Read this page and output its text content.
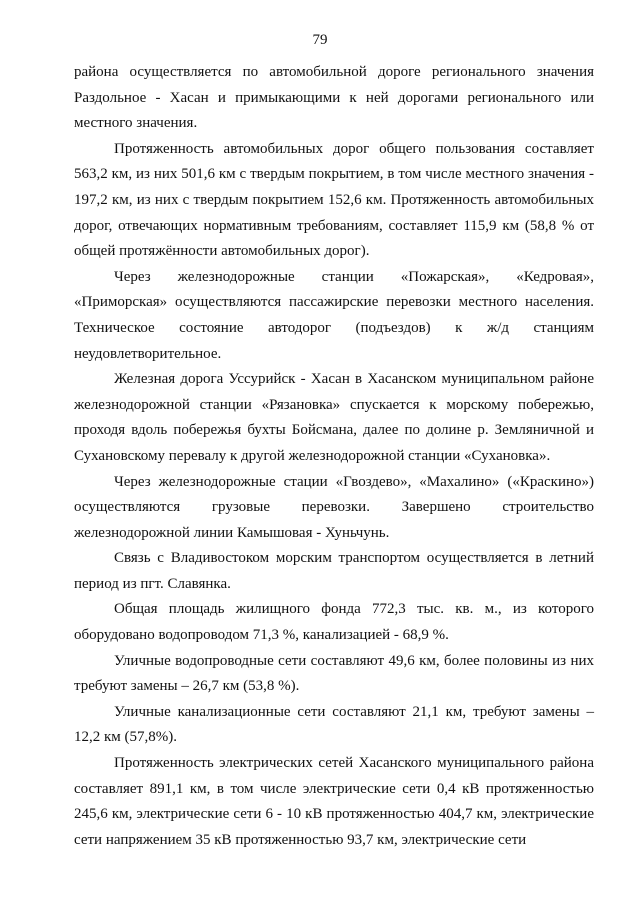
79

района осуществляется по автомобильной дороге регионального значения Раздольное - Хасан и примыкающими к ней дорогами регионального или местного значения.

Протяженность автомобильных дорог общего пользования составляет 563,2 км, из них 501,6 км с твердым покрытием, в том числе местного значения - 197,2 км, из них с твердым покрытием 152,6 км. Протяженность автомобильных дорог, отвечающих нормативным требованиям, составляет 115,9 км (58,8 % от общей протяжённости автомобильных дорог).

Через железнодорожные станции «Пожарская», «Кедровая», «Приморская» осуществляются пассажирские перевозки местного населения. Техническое состояние автодорог (подъездов) к ж/д станциям неудовлетворительное.

Железная дорога Уссурийск - Хасан в Хасанском муниципальном районе железнодорожной станции «Рязановка» спускается к морскому побережью, проходя вдоль побережья бухты Бойсмана, далее по долине р. Земляничной и Сухановскому перевалу к другой железнодорожной станции «Сухановка».

Через железнодорожные стации «Гвоздево», «Махалино» («Краскино») осуществляются грузовые перевозки. Завершено строительство железнодорожной линии Камышовая - Хуньчунь.

Связь с Владивостоком морским транспортом осуществляется в летний период из пгт. Славянка.

Общая площадь жилищного фонда 772,3 тыс. кв. м., из которого оборудовано водопроводом 71,3 %, канализацией - 68,9 %.

Уличные водопроводные сети составляют 49,6 км, более половины из них требуют замены – 26,7 км (53,8 %).

Уличные канализационные сети составляют 21,1 км, требуют замены – 12,2 км (57,8%).

Протяженность электрических сетей Хасанского муниципального района составляет 891,1 км, в том числе электрические сети 0,4 кВ протяженностью 245,6 км, электрические сети 6 - 10 кВ протяженностью 404,7 км, электрические сети напряжением 35 кВ протяженностью 93,7 км, электрические сети
